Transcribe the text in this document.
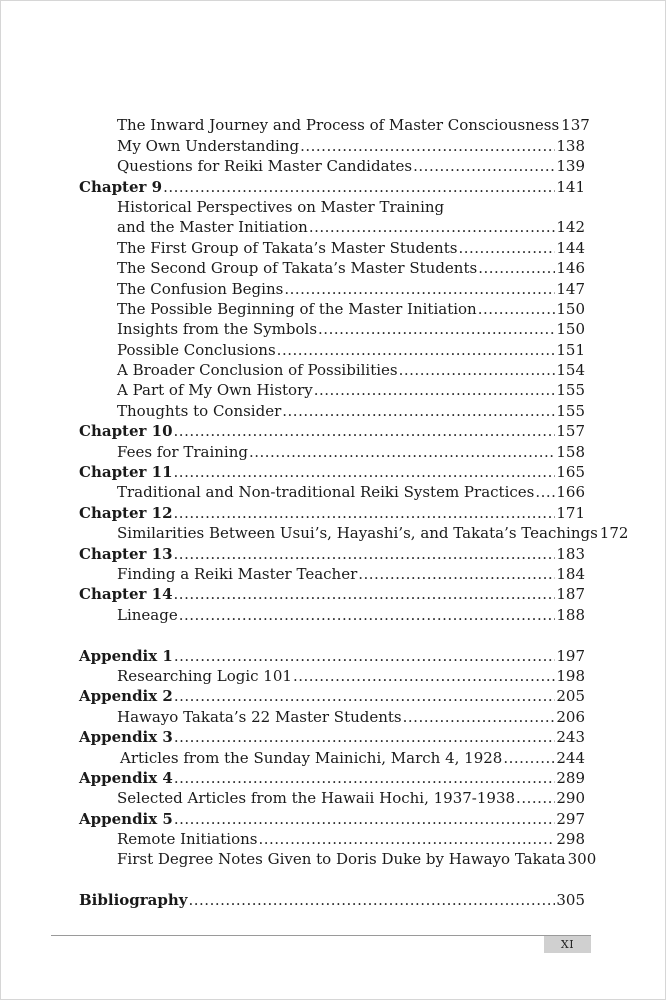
The Inward Journey and Process of Master Consciousness 137
My Own Understanding .....	138
Questions for Reiki Master Candidates .....	139
Chapter 9 .....	141
Historical Perspectives on Master Training
and the Master Initiation .....	142
The First Group of Takata’s Master Students .....	144
The Second Group of Takata’s Master Students .....	146
The Confusion Begins .....	147
The Possible Beginning of the Master Initiation .....	150
Insights from the Symbols .....	150
Possible Conclusions .....	151
A Broader Conclusion of Possibilities .....	154
A Part of My Own History .....	155
Thoughts to Consider .....	155
Chapter 10 .....	157
Fees for Training .....	158
Chapter 11 .....	165
Traditional and Non-traditional Reiki System Practices ..... 166
Chapter 12 .....	171
Similarities Between Usui’s, Hayashi’s, and Takata’s Teachings 172
Chapter 13 .....	183
Finding a Reiki Master Teacher .....	184
Chapter 14 .....	187
Lineage .....	188
Appendix 1 .....	197
Researching Logic 101 .....	198
Appendix 2 .....	205
Hawayo Takata’s 22 Master Students .....	206
Appendix 3 .....	243
Articles from the Sunday Mainichi, March 4, 1928 .....	244
Appendix 4 .....	289
Selected Articles from the Hawaii Hochi, 1937-1938 .....	290
Appendix 5 .....	297
Remote Initiations .....	298
First Degree Notes Given to Doris Duke by Hawayo Takata 300
Bibliography .....	305
XI
